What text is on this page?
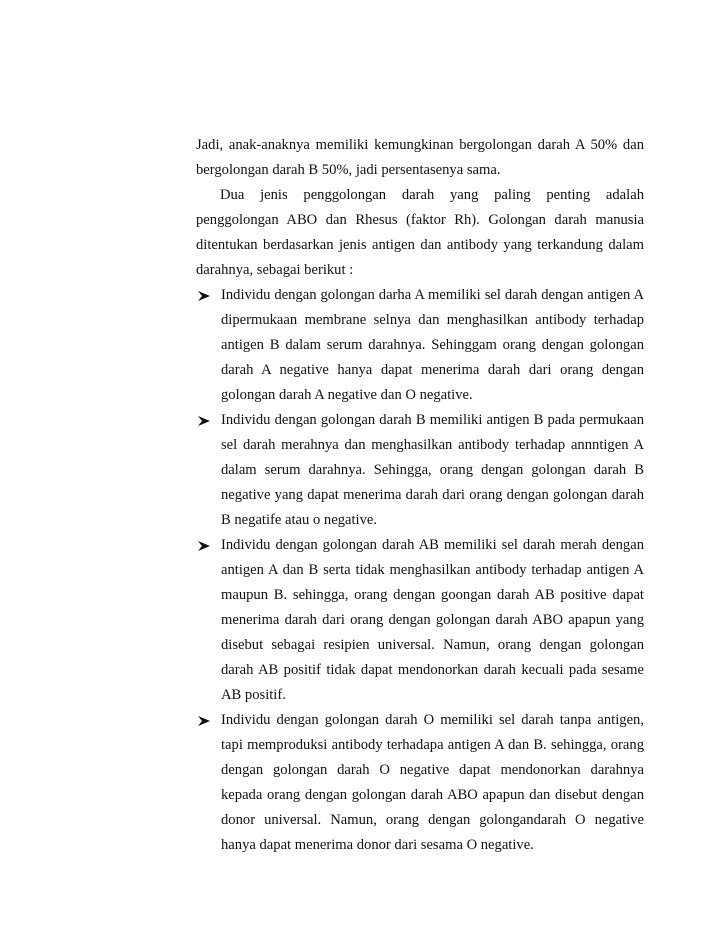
Jadi, anak-anaknya memiliki kemungkinan bergolongan darah A 50% dan bergolongan darah B 50%, jadi persentasenya sama.

Dua jenis penggolongan darah yang paling penting adalah penggolongan ABO dan Rhesus (faktor Rh). Golongan darah manusia ditentukan berdasarkan jenis antigen dan antibody yang terkandung dalam darahnya, sebagai berikut :

Individu dengan golongan darha A memiliki sel darah dengan antigen A dipermukaan membrane selnya dan menghasilkan antibody terhadap antigen B dalam serum darahnya. Sehinggam orang dengan golongan darah A negative hanya dapat menerima darah dari orang dengan golongan darah A negative dan O negative.
Individu dengan golongan darah B memiliki antigen B pada permukaan sel darah merahnya dan menghasilkan antibody terhadap annntigen A dalam serum darahnya. Sehingga, orang dengan golongan darah B negative yang dapat menerima darah dari orang dengan golongan darah B negatife atau o negative.
Individu dengan golongan darah AB memiliki sel darah merah dengan antigen A dan B serta tidak menghasilkan antibody terhadap antigen A maupun B. sehingga, orang dengan goongan darah AB positive dapat menerima darah dari orang dengan golongan darah ABO apapun yang disebut sebagai resipien universal. Namun, orang dengan golongan darah AB positif tidak dapat mendonorkan darah kecuali pada sesame AB positif.
Individu dengan golongan darah O memiliki sel darah tanpa antigen, tapi memproduksi antibody terhadapa antigen A dan B. sehingga, orang dengan golongan darah O negative dapat mendonorkan darahnya kepada orang dengan golongan darah ABO apapun dan disebut dengan donor universal. Namun, orang dengan golongandarah O negative hanya dapat menerima donor dari sesama O negative.
